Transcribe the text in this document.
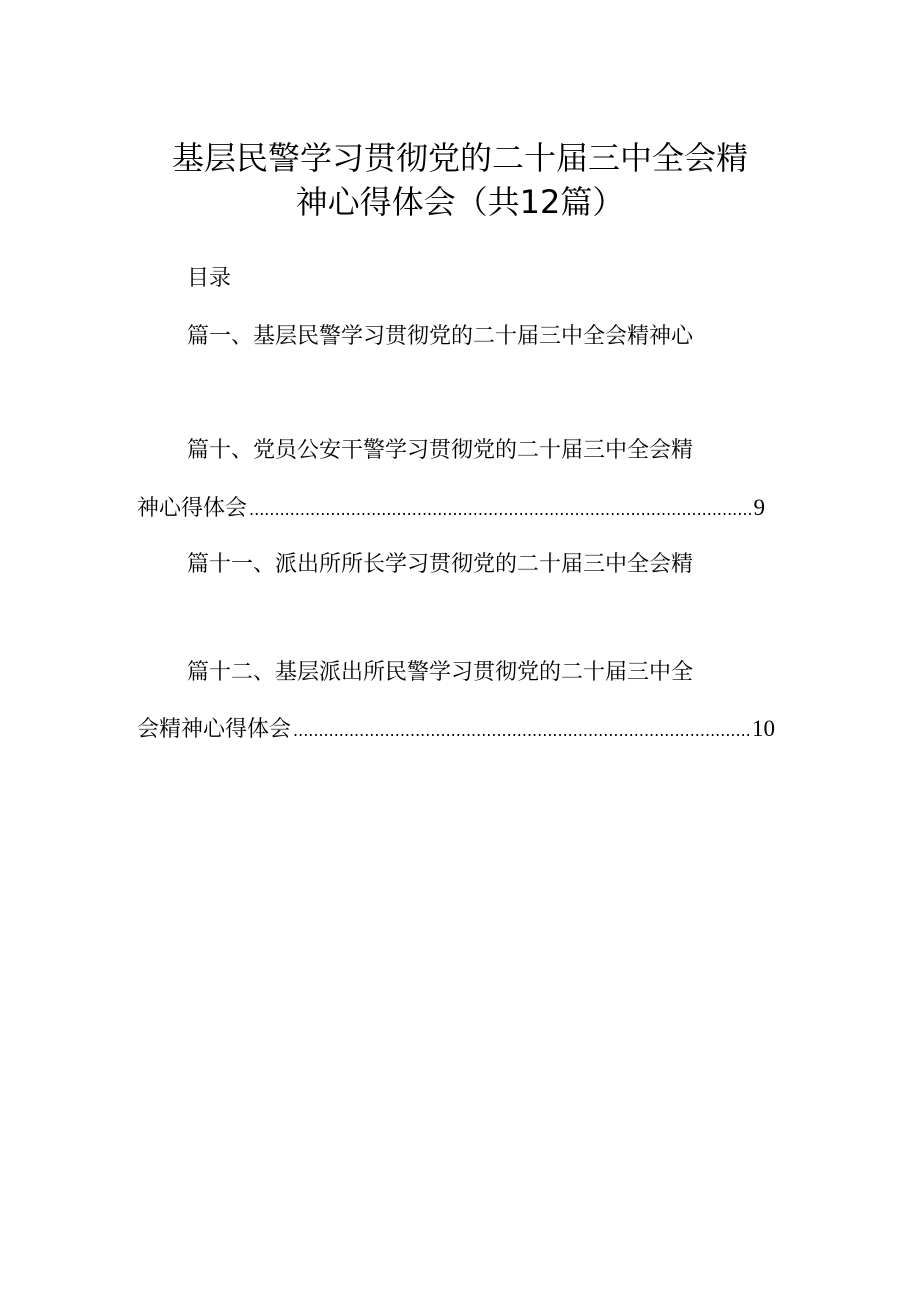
基层民警学习贯彻党的二十届三中全会精
神心得体会（共12篇）
目录
篇一、基层民警学习贯彻党的二十届三中全会精神心
篇十、党员公安干警学习贯彻党的二十届三中全会精
神心得体会 .....	9
篇十一、派出所所长学习贯彻党的二十届三中全会精
篇十二、基层派出所民警学习贯彻党的二十届三中全
会精神心得体会 .....	10
